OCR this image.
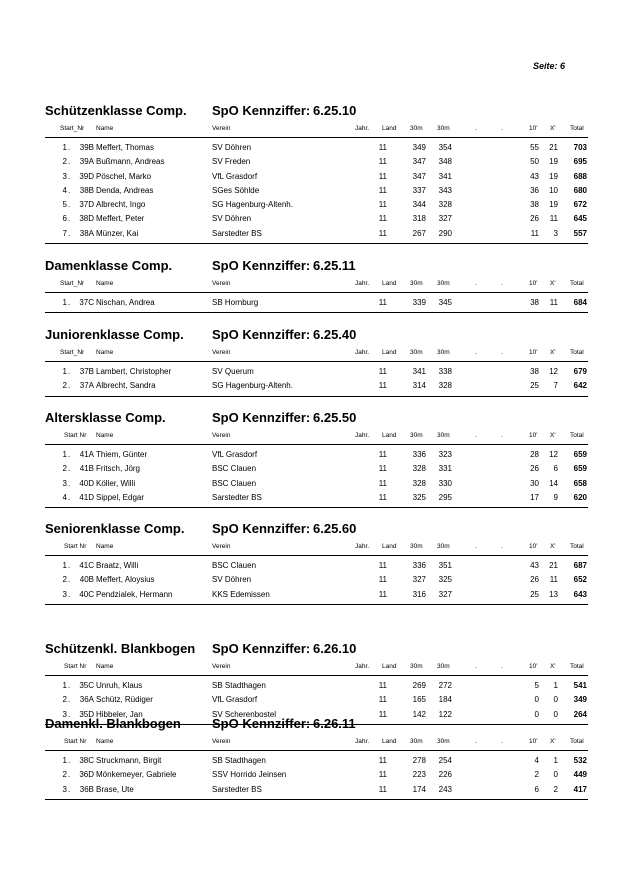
Seite: 6
Schützenklasse Comp. SpO Kennziffer: 6.25.10
Start_Nr Name	Verein	Jahr. Land 30m 30m	.	.	10' X' Total
1 .	39B Meffert, Thomas	SV Döhren	11	349	354	55	21	703
2 .	39A Bußmann, Andreas	SV Freden	11	347	348	50	19	695
3 .	39D Pöschel, Marko	VfL Grasdorf	11	347	341	43	19	688
4 .	38B Denda, Andreas	SGes Söhlde	11	337	343	36	10	680
5 .	37D Albrecht, Ingo	SG Hagenburg-Altenh.	11	344	328	38	19	672
6 .	38D Meffert, Peter	SV Döhren	11	318	327	26	11	645
7 .	38A Münzer, Kai	Sarstedter BS	11	267	290	11	3	557
Damenklasse Comp.	SpO Kennziffer: 6.25.11
Start_Nr Name	Verein	Jahr. Land 30m 30m	.	.	10' X' Total
1 .	37C Nischan, Andrea	SB Hornburg	11	339	345	38	11	684
Juniorenklasse Comp. SpO Kennziffer: 6.25.40
Start_Nr Name	Verein	Jahr. Land 30m 30m	.	.	10' X' Total
1 .	37B Lambert, Christopher	SV Querum	11	341	338	38	12	679
2 .	37A Albrecht, Sandra	SG Hagenburg-Altenh.	11	314	328	25	7	642
Altersklasse Comp.	SpO Kennziffer: 6.25.50
Start Nr Name	Verein	Jahr. Land 30m 30m	.	.	10' X' Total
1 .	41A Thiem, Günter	VfL Grasdorf	11	336	323	28	12	659
2 .	41B Fritsch, Jörg	BSC Clauen	11	328	331	26	6	659
3 .	40D Köller, Willi	BSC Clauen	11	328	330	30	14	658
4 .	41D Sippel, Edgar	Sarstedter BS	11	325	295	17	9	620
Seniorenklasse Comp. SpO Kennziffer: 6.25.60
Start Nr Name	Verein	Jahr. Land 30m 30m	.	.	10' X' Total
1 .	41C Braatz, Willi	BSC Clauen	11	336	351	43	21	687
2 .	40B Meffert, Aloysius	SV Döhren	11	327	325	26	11	652
3 .	40C Pendzialek, Hermann	KKS Edemissen	11	316	327	25	13	643
Schützenkl. Blankbogen SpO Kennziffer: 6.26.10
Start Nr Name	Verein	Jahr. Land 30m 30m	.	.	10' X' Total
1 .	35C Unruh, Klaus	SB Stadthagen	11	269	272	5	1	541
2 .	36A Schütz, Rüdiger	VfL Grasdorf	11	165	184	0	0	349
3 .	35D Hibbeler, Jan	SV Scherenbostel	11	142	122	0	0	264
Damenkl. Blankbogen SpO Kennziffer: 6.26.11
Start Nr Name	Verein	Jahr. Land 30m 30m	.	.	10' X' Total
1 .	38C Struckmann, Birgit	SB Stadthagen	11	278	254	4	1	532
2 .	36D Mönkemeyer, Gabriele	SSV Horrido Jeinsen	11	223	226	2	0	449
3 .	36B Brase, Ute	Sarstedter BS	11	174	243	6	2	417
